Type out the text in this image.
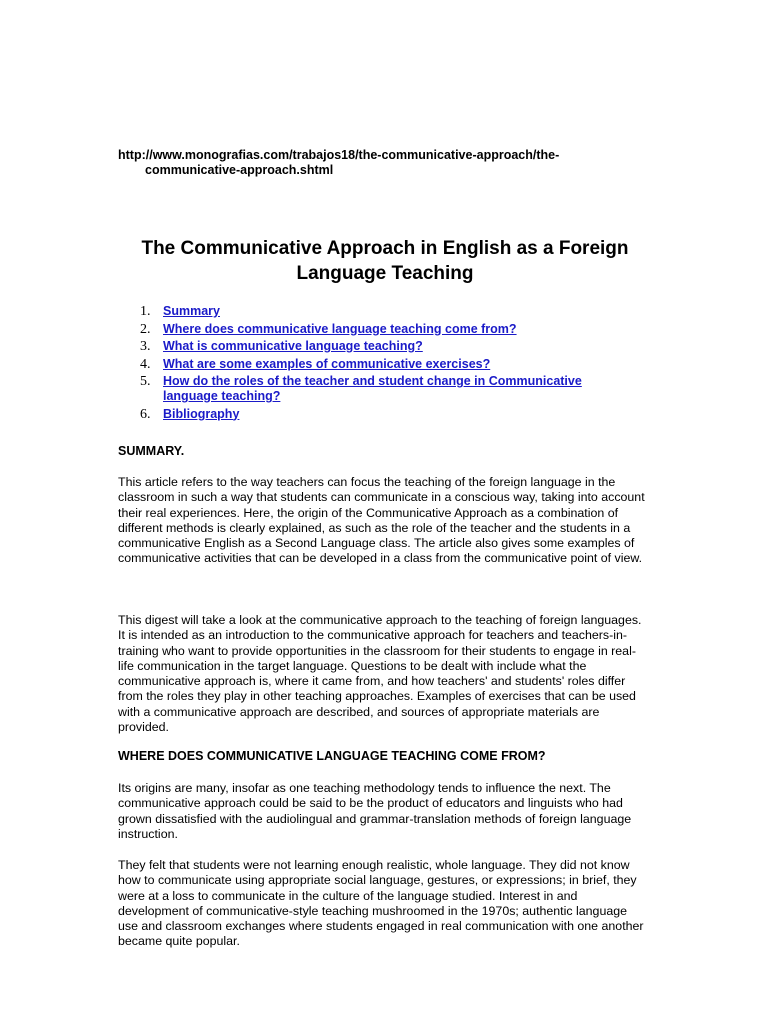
http://www.monografias.com/trabajos18/the-communicative-approach/the-
communicative-approach.shtml
The Communicative Approach in English as a Foreign
Language Teaching
1. Summary
2. Where does communicative language teaching come from?
3. What is communicative language teaching?
4. What are some examples of communicative exercises?
5. How do the roles of the teacher and student change in Communicative
language teaching?
6. Bibliography
SUMMARY.

This article refers to the way teachers can focus the teaching of the foreign language in the classroom in such a way that students can communicate in a conscious way, taking into account their real experiences. Here, the origin of the Communicative Approach as a combination of different methods is clearly explained, as such as the role of the teacher and the students in a communicative English as a Second Language class. The article also gives some examples of communicative activities that can be developed in a class from the communicative point of view.

This digest will take a look at the communicative approach to the teaching of foreign languages. It is intended as an introduction to the communicative approach for teachers and teachers-in-training who want to provide opportunities in the classroom for their students to engage in real-life communication in the target language. Questions to be dealt with include what the communicative approach is, where it came from, and how teachers' and students' roles differ from the roles they play in other teaching approaches. Examples of exercises that can be used with a communicative approach are described, and sources of appropriate materials are provided.

WHERE DOES COMMUNICATIVE LANGUAGE TEACHING COME FROM?

Its origins are many, insofar as one teaching methodology tends to influence the next. The communicative approach could be said to be the product of educators and linguists who had grown dissatisfied with the audiolingual and grammar-translation methods of foreign language instruction.

They felt that students were not learning enough realistic, whole language. They did not know how to communicate using appropriate social language, gestures, or expressions; in brief, they were at a loss to communicate in the culture of the language studied. Interest in and development of communicative-style teaching mushroomed in the 1970s; authentic language use and classroom exchanges where students engaged in real communication with one another became quite popular.
